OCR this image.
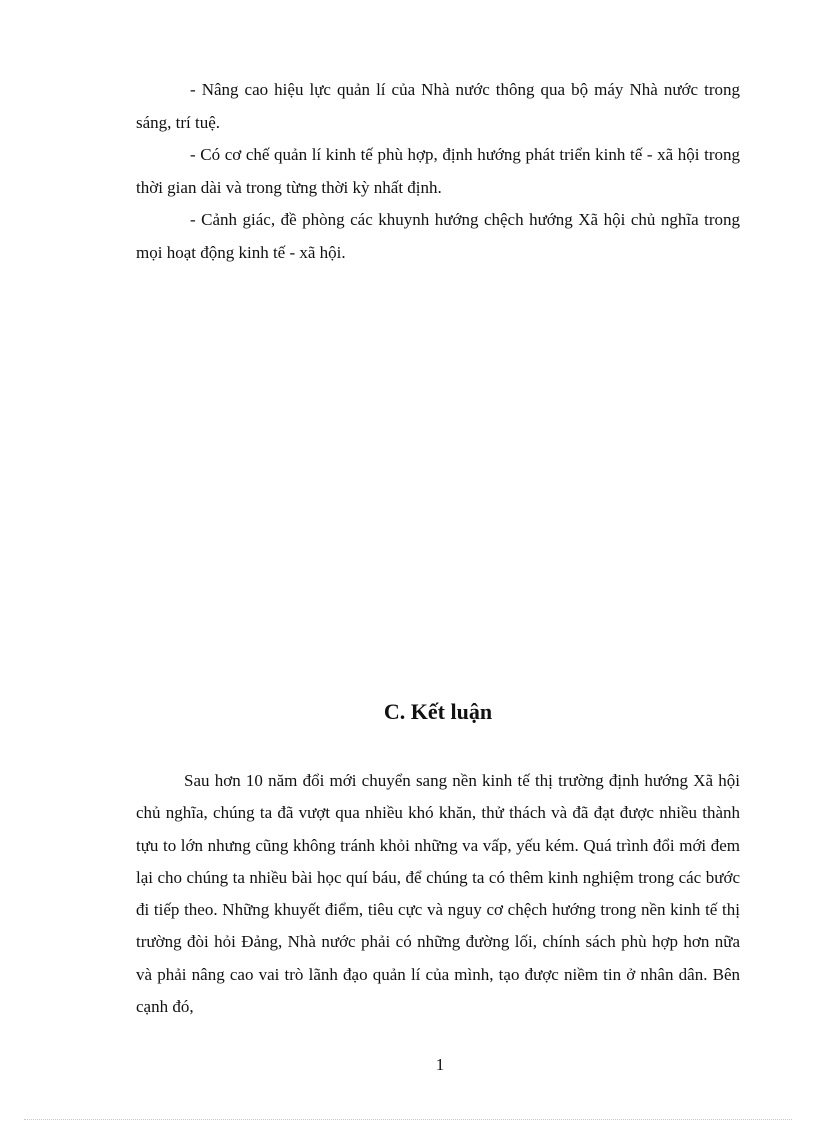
- Nâng cao hiệu lực quản lí của Nhà nước thông qua bộ máy Nhà nước trong sáng, trí tuệ.

- Có cơ chế quản lí kinh tế phù hợp, định hướng phát triển kinh tế - xã hội trong thời gian dài và trong từng thời kỳ nhất định.

- Cảnh giác, đề phòng các khuynh hướng chệch hướng Xã hội chủ nghĩa trong mọi hoạt động kinh tế - xã hội.

C. Kết luận

Sau hơn 10 năm đổi mới chuyển sang nền kinh tế thị trường định hướng Xã hội chủ nghĩa, chúng ta đã vượt qua nhiều khó khăn, thử thách và đã đạt được nhiều thành tựu to lớn nhưng cũng không tránh khỏi những va vấp, yếu kém. Quá trình đổi mới đem lại cho chúng ta nhiều bài học quí báu, để chúng ta có thêm kinh nghiệm trong các bước đi tiếp theo. Những khuyết điểm, tiêu cực và nguy cơ chệch hướng trong nền kinh tế thị trường đòi hỏi Đảng, Nhà nước phải có những đường lối, chính sách phù hợp hơn nữa và phải nâng cao vai trò lãnh đạo quản lí của mình, tạo được niềm tin ở nhân dân. Bên cạnh đó,

1
